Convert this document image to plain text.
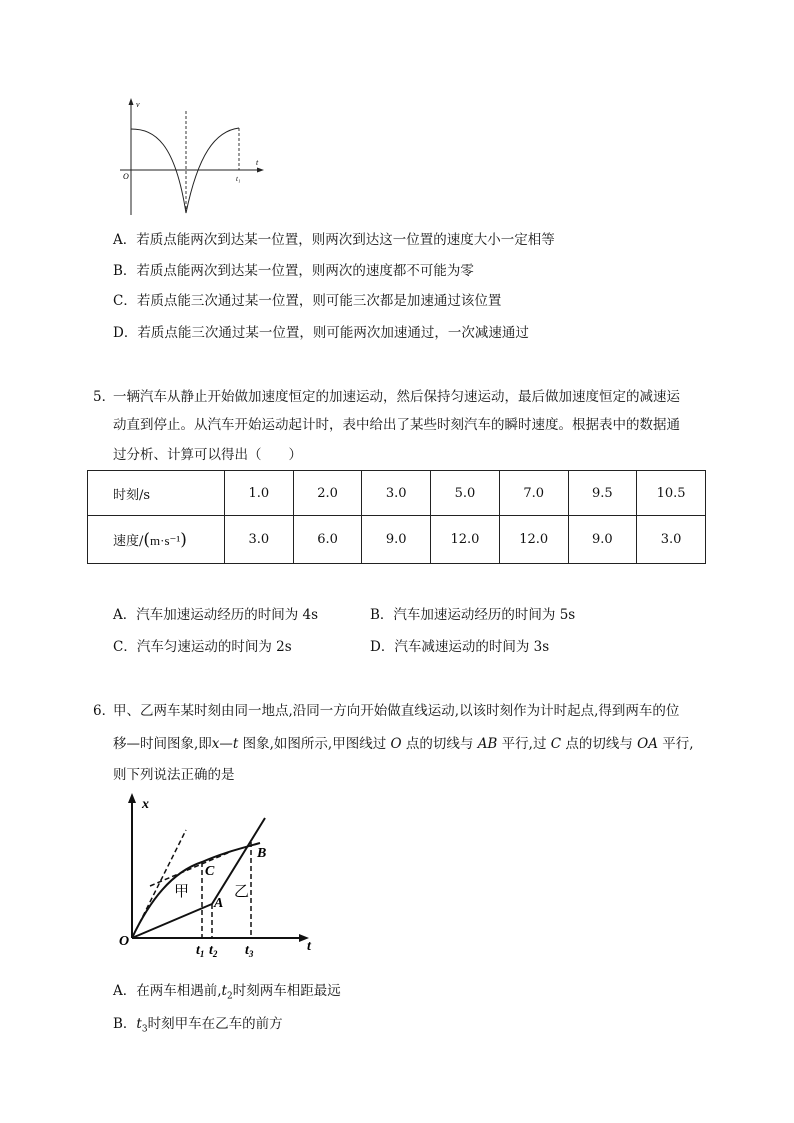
v
t
O	t₁
A．若质点能两次到达某一位置，则两次到达这一位置的速度大小一定相等
B．若质点能两次到达某一位置，则两次的速度都不可能为零
C．若质点能三次通过某一位置，则可能三次都是加速通过该位置
D．若质点能三次通过某一位置，则可能两次加速通过，一次减速通过
5．
一辆汽车从静止开始做加速度恒定的加速运动，然后保持匀速运动，最后做加速度恒定的减速运
动直到停止。从汽车开始运动起计时，表中给出了某些时刻汽车的瞬时速度。根据表中的数据通
过分析、计算可以得出（　　）
时刻/s	1.0	2.0	3.0	5.0	7.0	9.5	10.5
速度/(m·s⁻¹)	3.0	6.0	9.0	12.0	12.0	9.0	3.0
A．汽车加速运动经历的时间为 4s	B．汽车加速运动经历的时间为 5s
C．汽车匀速运动的时间为 2s	D．汽车减速运动的时间为 3s
6．
甲、乙两车某时刻由同一地点,沿同一方向开始做直线运动,以该时刻作为计时起点,得到两车的位
移—时间图象,即x—t 图象,如图所示,甲图线过 O 点的切线与 AB 平行,过 C 点的切线与 OA 平行,
则下列说法正确的是
x
t
O
C
A
B
甲	乙
$t_1$ $t_2$ $t_3$
A．在两车相遇前$,t_2$时刻两车相距最远
B．$t_3$时刻甲车在乙车的前方
